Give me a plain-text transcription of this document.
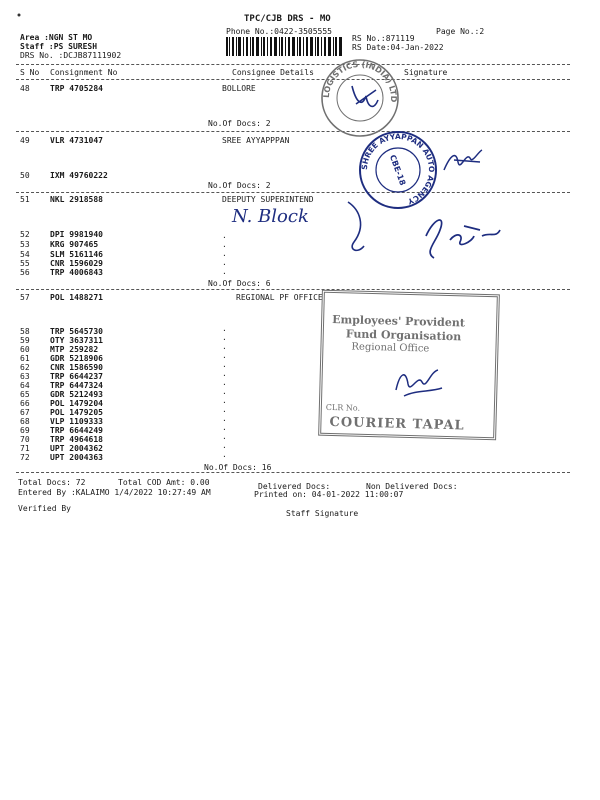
TPC/CJB DRS - MO
Phone No.:0422-3505555	Page No.:2
Area :NGN ST MO
Staff :PS SURESH
DRS No. :DCJB87111902
RS No.:871119
RS Date:04-Jan-2022
S No Consignment No	Consignee Details	Signature
48	TRP 4705284	BOLLORE
No.Of Docs: 2
49	VLR 4731047	SREE AYYAPPPAN
50	IXM 49760222
No.Of Docs: 2
51	NKL 2918588	DEEPUTY SUPERINTEND
52	DPI 9981940
53	KRG 907465
54	SLM 5161146
55	CNR 1596029
56	TRP 4006843
No.Of Docs: 6
57	POL 1488271	REGIONAL PF OFFICE
58	TRP 5645730
59	OTY 3637311
60	MTP 259282
61	GDR 5218906
62	CNR 1586590
63	TRP 6644237
64	TRP 6447324
65	GDR 5212493
66	POL 1479204
67	POL 1479205
68	VLP 1109333
69	TRP 6644249
70	TRP 4964618
71	UPT 2004362
72	UPT 2004363
No.Of Docs: 16
·
·
·
·
·
·
·
·
·
·
·
·
·
·
·
·
·
·
·
·
Total Docs: 72	Total COD Amt: 0.00	Delivered Docs:	Non Delivered Docs:
Entered By :KALAIMO 1/4/2022 10:27:49 AM	Printed on: 04-01-2022 11:00:07
Verified By
Staff Signature
LOGISTICS (INDIA) LTD
SHREE AYYAPPAN AUTO AGENCY
CBE-18
N. Block
Employees' Provident
Fund Organisation
Regional Office
CLR No.
COURIER TAPAL
